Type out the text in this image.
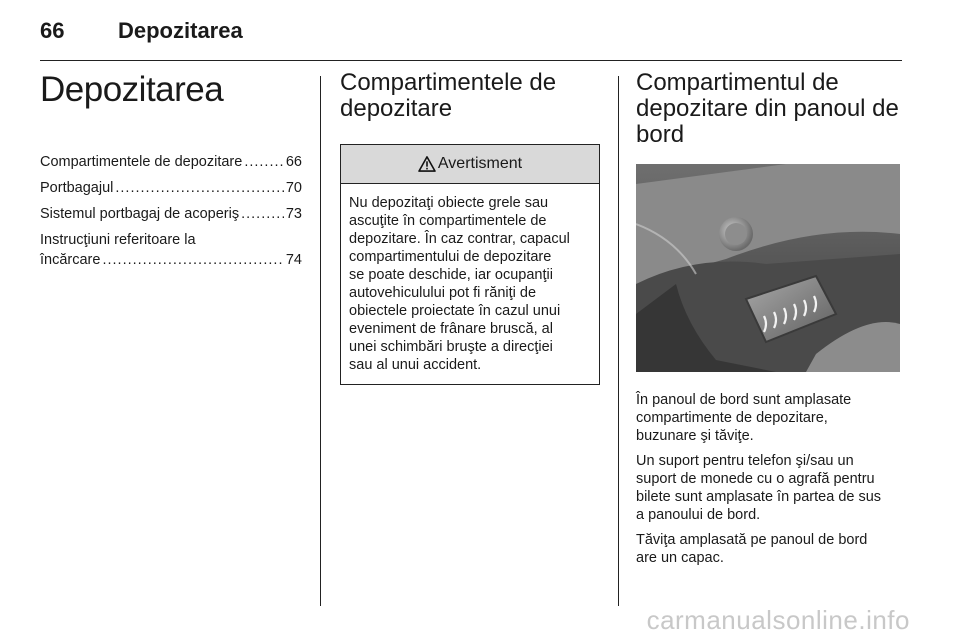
66 Depozitarea
Depozitarea
Compartimentele de depozitare .....	66
Portbagajul .....	70
Sistemul portbagaj de acoperiş .....	73
Instrucţiuni referitoare la
încărcare .....	74
Compartimentele de
depozitare
Avertisment
Nu depozitaţi obiecte grele sau
ascuţite în compartimentele de
depozitare. În caz contrar, capacul
compartimentului de depozitare
se poate deschide, iar ocupanţii
autovehiculului pot fi răniţi de
obiectele proiectate în cazul unui
eveniment de frânare bruscă, al
unei schimbări bruşte a direcţiei
sau al unui accident.
Compartimentul de
depozitare din panoul de
bord
În panoul de bord sunt amplasate
compartimente de depozitare,
buzunare şi tăviţe.
Un suport pentru telefon şi/sau un
suport de monede cu o agrafă pentru
bilete sunt amplasate în partea de sus
a panoului de bord.
Tăviţa amplasată pe panoul de bord
are un capac.
carmanualsonline.info
